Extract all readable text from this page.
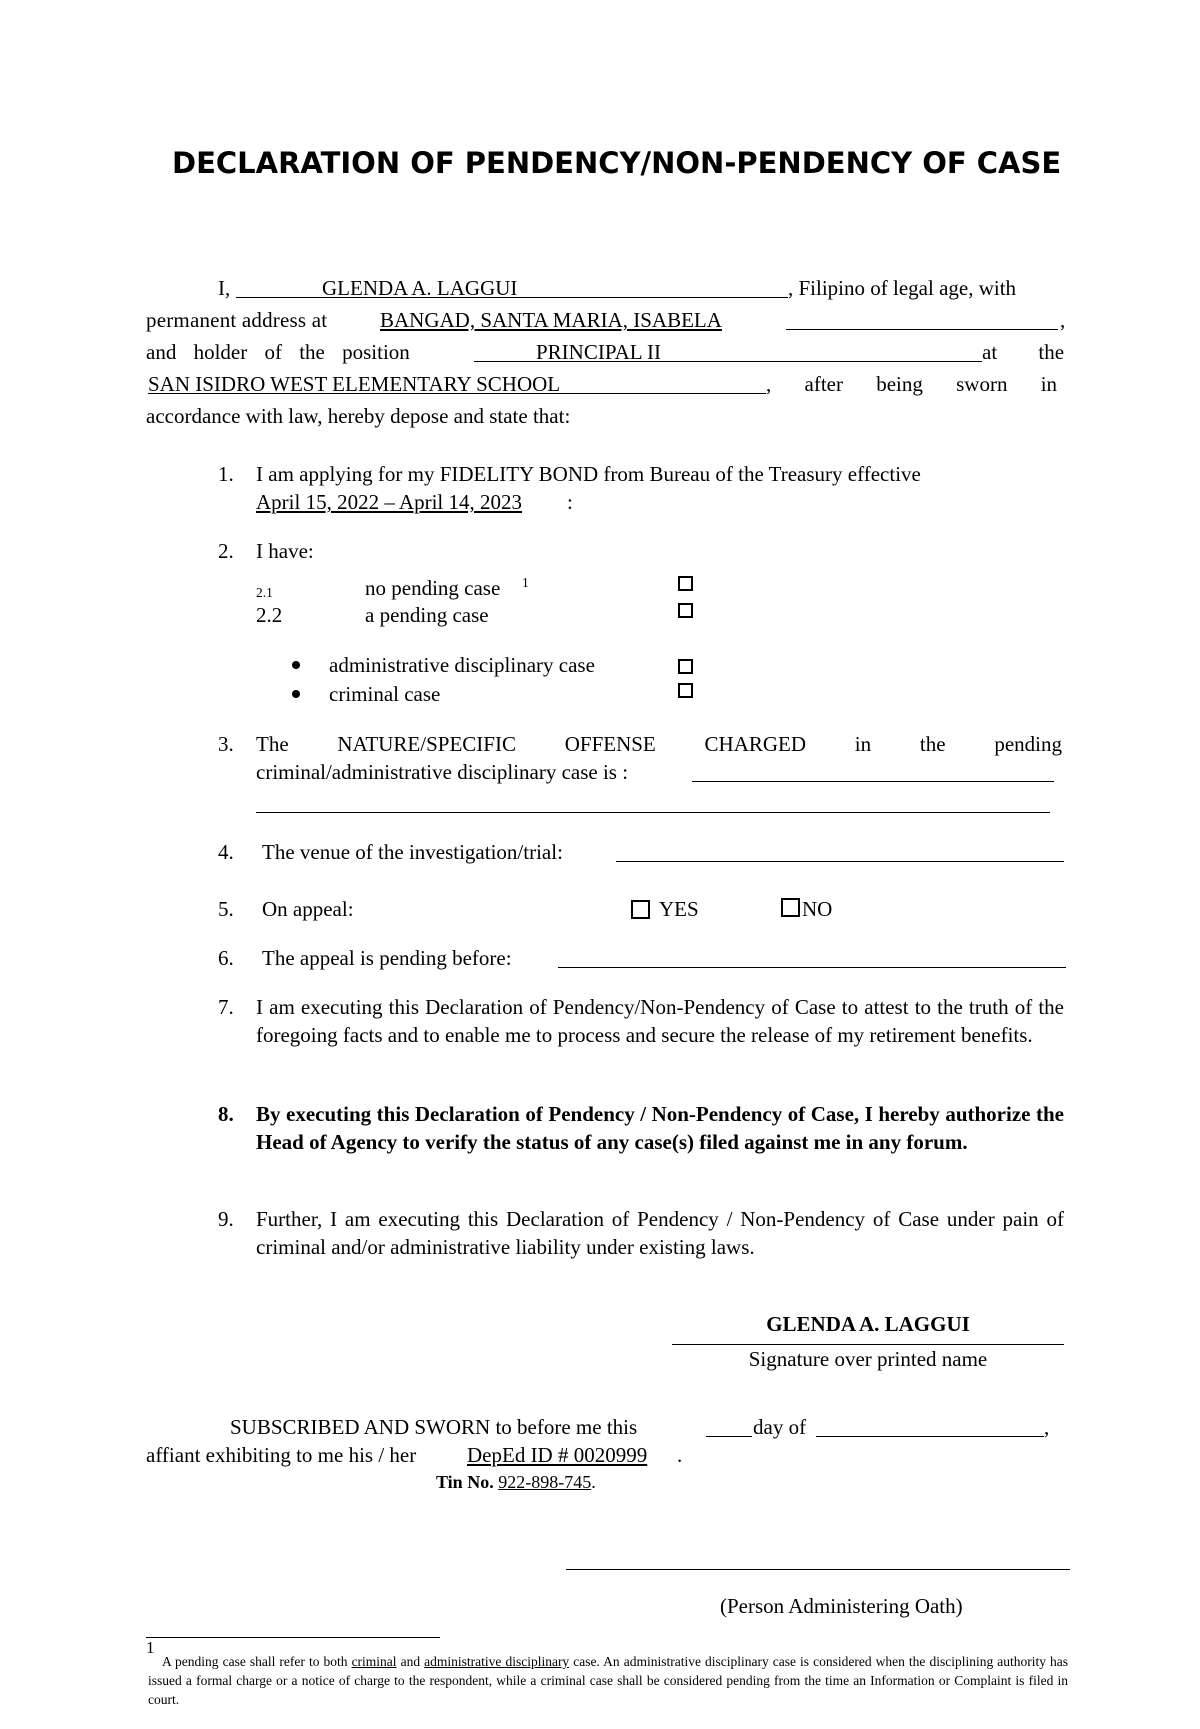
DECLARATION OF PENDENCY/NON-PENDENCY OF CASE
I,	GLENDA A. LAGGUI	, Filipino of legal age, with
permanent address at	BANGAD, SANTA MARIA, ISABELA	,
and holder of the position	PRINCIPAL II	at the
SAN ISIDRO WEST ELEMENTARY SCHOOL	, after being sworn in
accordance with law, hereby depose and state that:
1. I am applying for my FIDELITY BOND from Bureau of the Treasury effective
April 15, 2022 – April 14, 2023 :
2. I have:
2.1	no pending case 1
2.2	a pending case
administrative disciplinary case
criminal case
3. The NATURE/SPECIFIC OFFENSE CHARGED in the pending
criminal/administrative disciplinary case is :
4. The venue of the investigation/trial:
5. On appeal:	YES	NO
6. The appeal is pending before:
7. I am executing this Declaration of Pendency/Non-Pendency of Case to attest to the truth of the foregoing facts and to enable me to process and secure the release of my retirement benefits.
8. By executing this Declaration of Pendency / Non-Pendency of Case, I hereby authorize the Head of Agency to verify the status of any case(s) filed against me in any forum.
9. Further, I am executing this Declaration of Pendency / Non-Pendency of Case under pain of criminal and/or administrative liability under existing laws.
GLENDA A. LAGGUI
Signature over printed name
SUBSCRIBED AND SWORN to before me this	day of	,
affiant exhibiting to me his / her DepEd ID # 0020999 .
Tin No. 922-898-745.
(Person Administering Oath)
1
A pending case shall refer to both criminal and administrative disciplinary case. An administrative disciplinary case is considered when the disciplining authority has issued a formal charge or a notice of charge to the respondent, while a criminal case shall be considered pending from the time an Information or Complaint is filed in court.
